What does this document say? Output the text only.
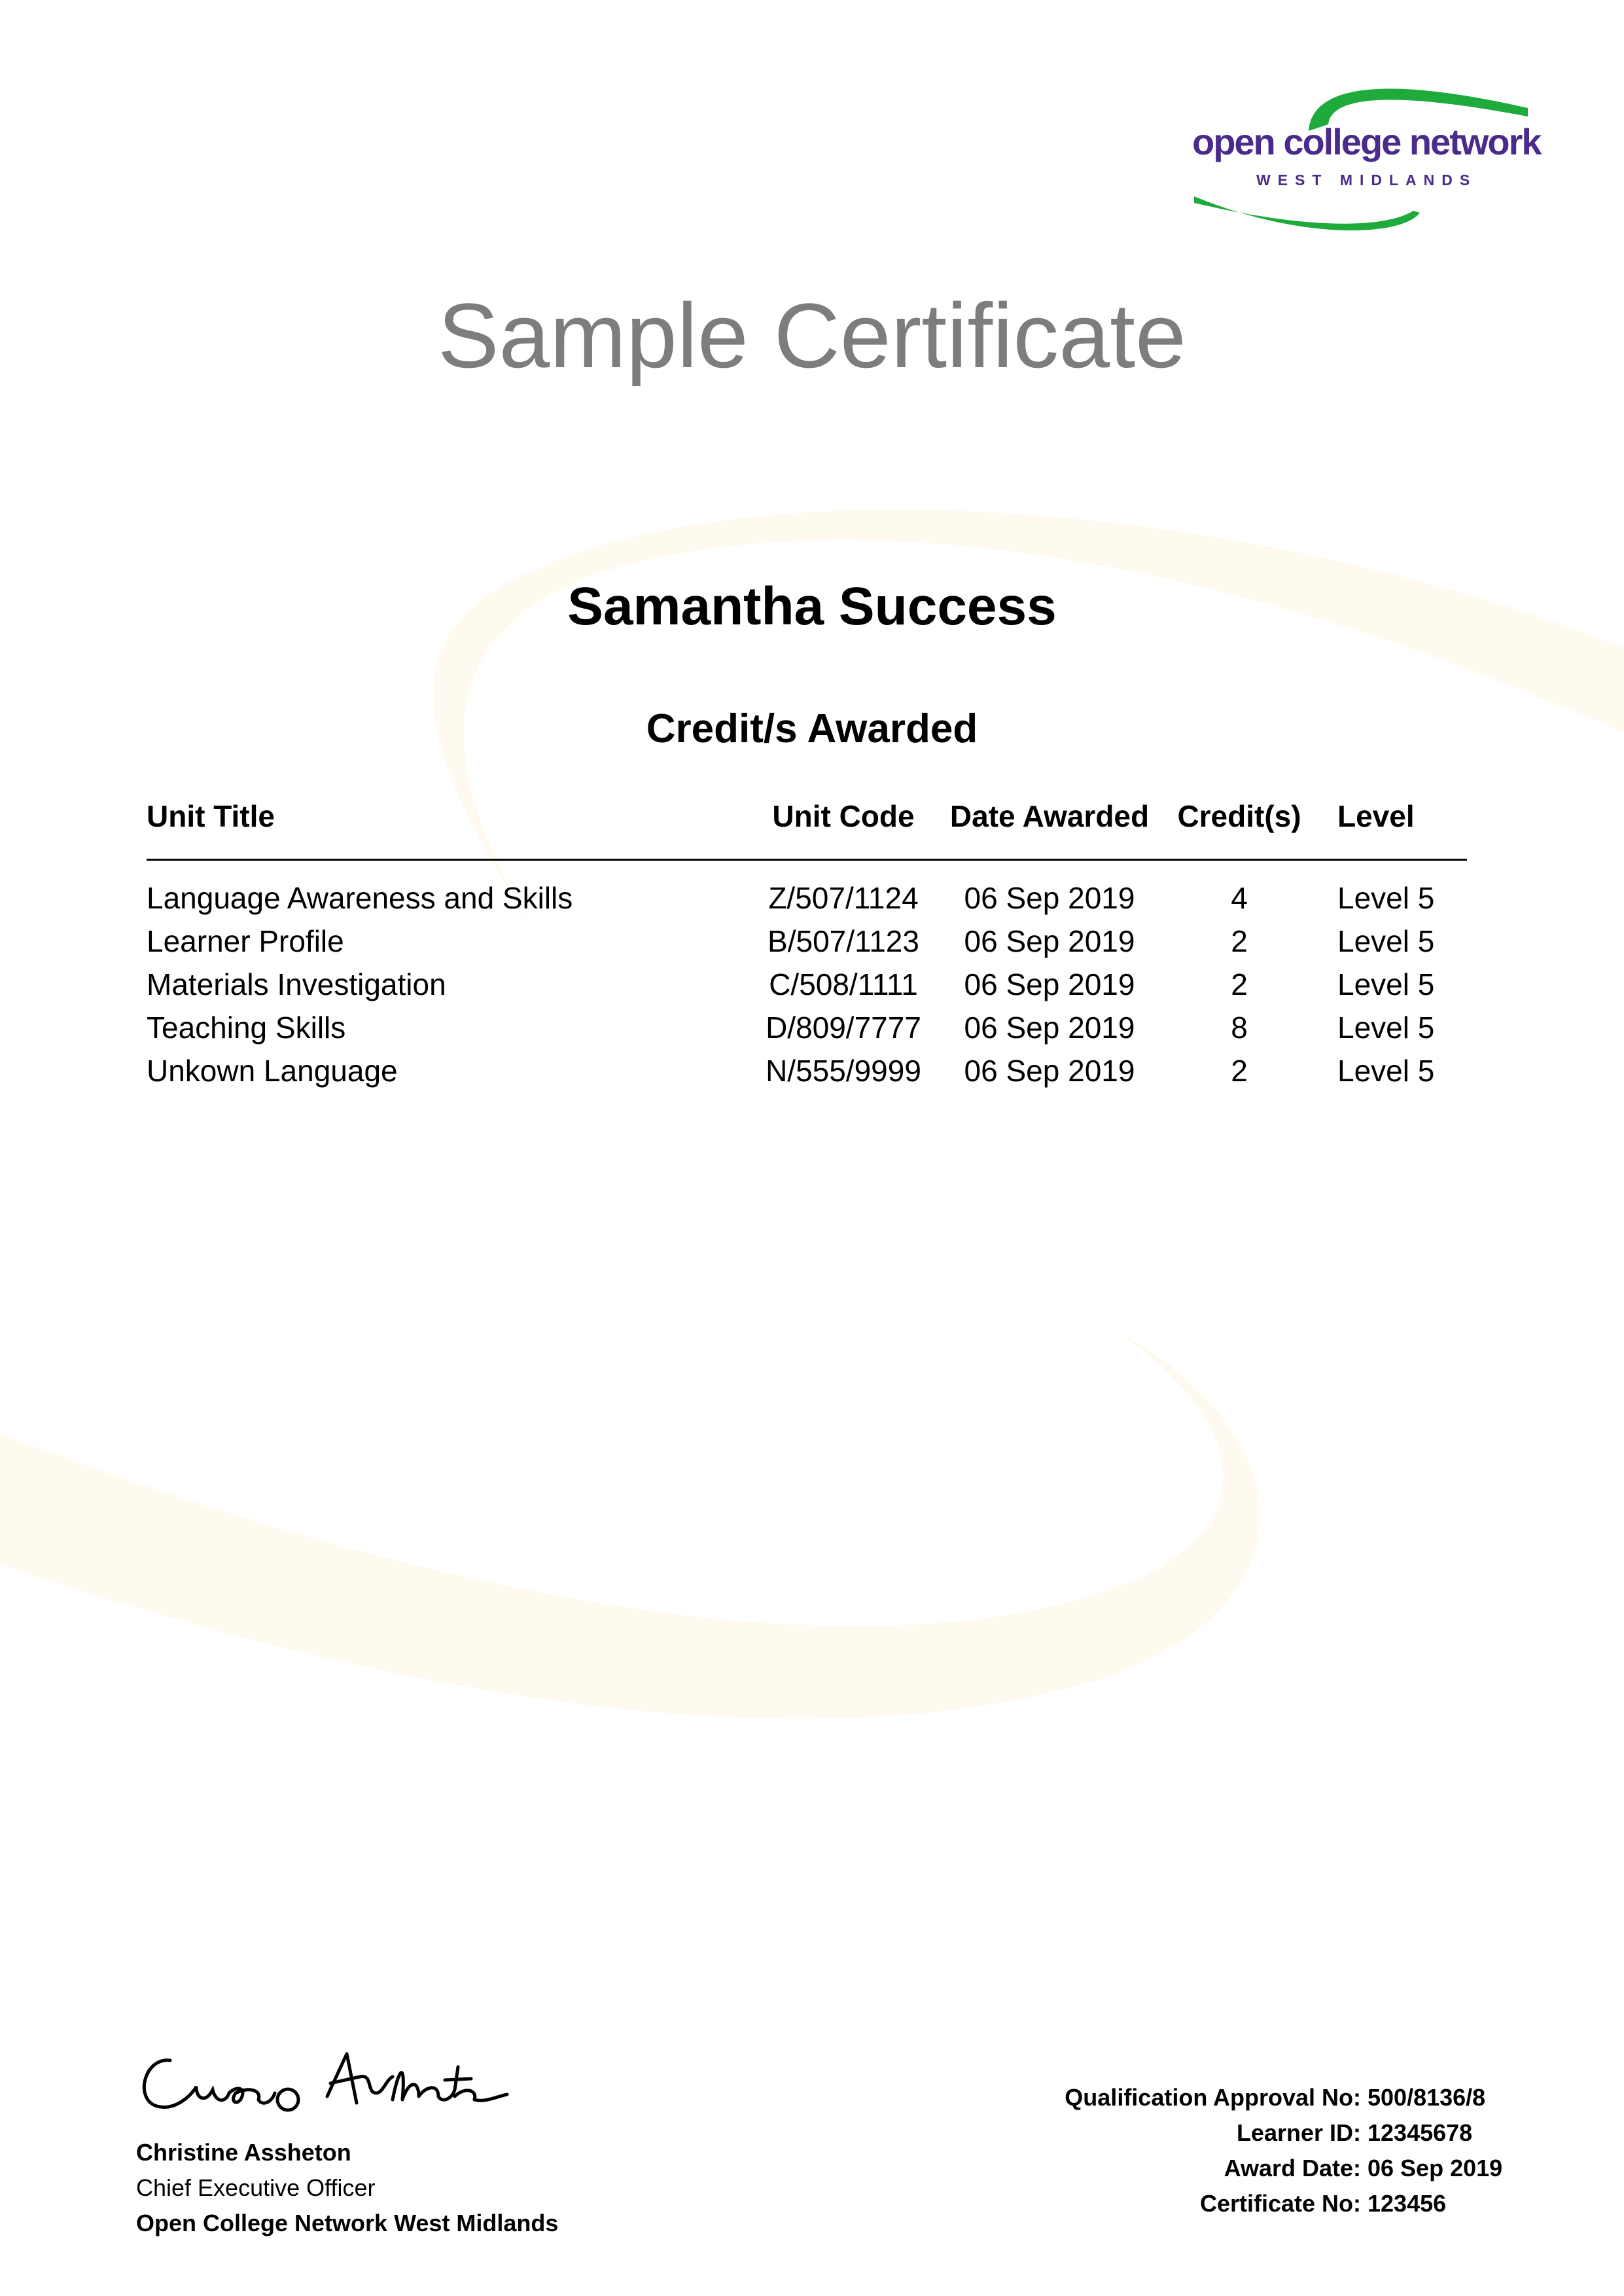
open college network
WEST MIDLANDS
Sample Certificate
Samantha Success
Credit/s Awarded
Unit Title	Unit Code	Date Awarded	Credit(s)	Level
Language Awareness and Skills	Z/507/1124	06 Sep 2019	4	Level 5
Learner Profile	B/507/1123	06 Sep 2019	2	Level 5
Materials Investigation	C/508/1111	06 Sep 2019	2	Level 5
Teaching Skills	D/809/7777	06 Sep 2019	8	Level 5
Unkown Language	N/555/9999	06 Sep 2019	2	Level 5
Christine Assheton
Chief Executive Officer
Open College Network West Midlands
Qualification Approval No: 500/8136/8
Learner ID: 12345678
Award Date: 06 Sep 2019
Certificate No: 123456
